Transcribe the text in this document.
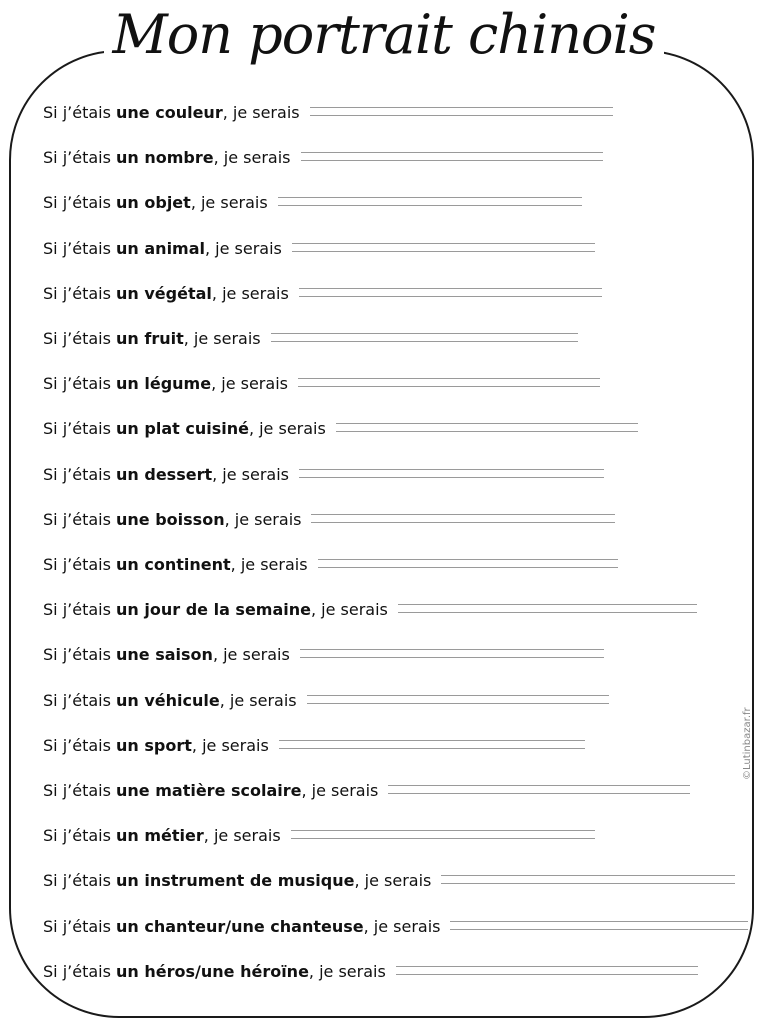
Mon portrait chinois
Si j’étais une couleur, je serais
Si j’étais un nombre, je serais
Si j’étais un objet, je serais
Si j’étais un animal, je serais
Si j’étais un végétal, je serais
Si j’étais un fruit, je serais
Si j’étais un légume, je serais
Si j’étais un plat cuisiné, je serais
Si j’étais un dessert, je serais
Si j’étais une boisson, je serais
Si j’étais un continent, je serais
Si j’étais un jour de la semaine, je serais
Si j’étais une saison, je serais
Si j’étais un véhicule, je serais
Si j’étais un sport, je serais
Si j’étais une matière scolaire, je serais
Si j’étais un métier, je serais
Si j’étais un instrument de musique, je serais
Si j’étais un chanteur/une chanteuse, je serais
Si j’étais un héros/une héroïne, je serais
©Lutinbazar.fr
